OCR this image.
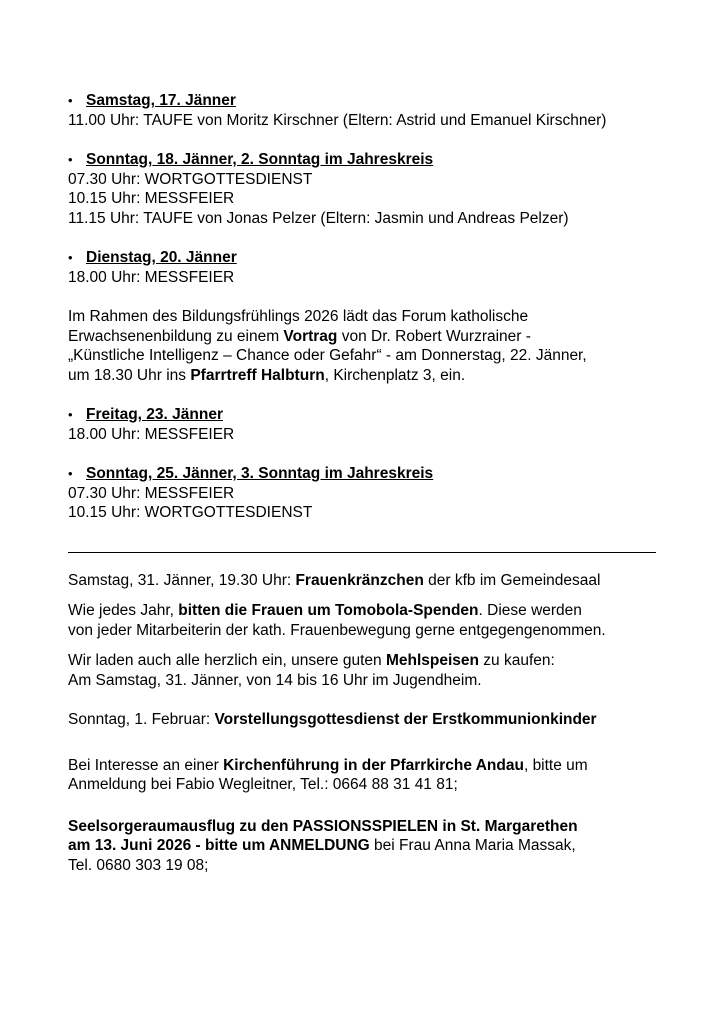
• Samstag, 17. Jänner
11.00 Uhr: TAUFE von Moritz Kirschner (Eltern: Astrid und Emanuel Kirschner)
• Sonntag, 18. Jänner, 2. Sonntag im Jahreskreis
07.30 Uhr: WORTGOTTESDIENST
10.15 Uhr: MESSFEIER
11.15 Uhr: TAUFE von Jonas Pelzer (Eltern: Jasmin und Andreas Pelzer)
• Dienstag, 20. Jänner
18.00 Uhr: MESSFEIER
Im Rahmen des Bildungsfrühlings 2026 lädt das Forum katholische
Erwachsenenbildung zu einem Vortrag von Dr. Robert Wurzrainer -
„Künstliche Intelligenz – Chance oder Gefahr“ - am Donnerstag, 22. Jänner,
um 18.30 Uhr ins Pfarrtreff Halbturn, Kirchenplatz 3, ein.
• Freitag, 23. Jänner
18.00 Uhr: MESSFEIER
• Sonntag, 25. Jänner, 3. Sonntag im Jahreskreis
07.30 Uhr: MESSFEIER
10.15 Uhr: WORTGOTTESDIENST
Samstag, 31. Jänner, 19.30 Uhr: Frauenkränzchen der kfb im Gemeindesaal
Wie jedes Jahr, bitten die Frauen um Tomobola-Spenden. Diese werden
von jeder Mitarbeiterin der kath. Frauenbewegung gerne entgegengenommen.
Wir laden auch alle herzlich ein, unsere guten Mehlspeisen zu kaufen:
Am Samstag, 31. Jänner, von 14 bis 16 Uhr im Jugendheim.
Sonntag, 1. Februar: Vorstellungsgottesdienst der Erstkommunionkinder
Bei Interesse an einer Kirchenführung in der Pfarrkirche Andau, bitte um
Anmeldung bei Fabio Wegleitner, Tel.: 0664 88 31 41 81;
Seelsorgeraumausflug zu den PASSIONSSPIELEN in St. Margarethen
am 13. Juni 2026 - bitte um ANMELDUNG bei Frau Anna Maria Massak,
Tel. 0680 303 19 08;
